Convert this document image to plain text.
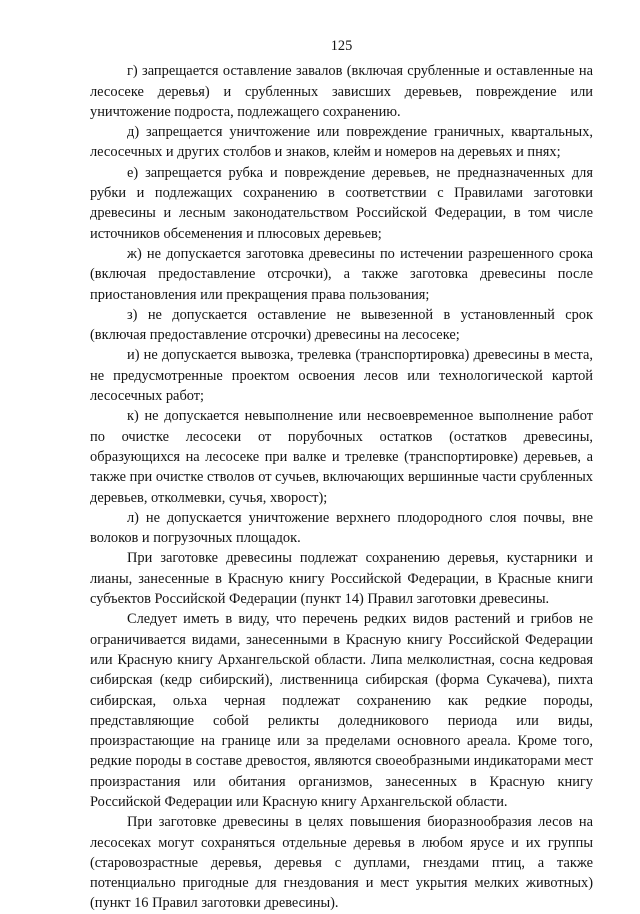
125

г) запрещается оставление завалов (включая срубленные и оставленные на лесосеке деревья) и срубленных зависших деревьев, повреждение или уничтожение подроста, подлежащего сохранению.

д) запрещается уничтожение или повреждение граничных, квартальных, лесосечных и других столбов и знаков, клейм и номеров на деревьях и пнях;

е) запрещается рубка и повреждение деревьев, не предназначенных для рубки и подлежащих сохранению в соответствии с Правилами заготовки древесины и лесным законодательством Российской Федерации, в том числе источников обсеменения и плюсовых деревьев;

ж) не допускается заготовка древесины по истечении разрешенного срока (включая предоставление отсрочки), а также заготовка древесины после приостановления или прекращения права пользования;

з) не допускается оставление не вывезенной в установленный срок (включая предоставление отсрочки) древесины на лесосеке;

и) не допускается вывозка, трелевка (транспортировка) древесины в места, не предусмотренные проектом освоения лесов или технологической картой лесосечных работ;

к) не допускается невыполнение или несвоевременное выполнение работ по очистке лесосеки от порубочных остатков (остатков древесины, образующихся на лесосеке при валке и трелевке (транспортировке) деревьев, а также при очистке стволов от сучьев, включающих вершинные части срубленных деревьев, отколмевки, сучья, хворост);

л) не допускается уничтожение верхнего плодородного слоя почвы, вне волоков и погрузочных площадок.

При заготовке древесины подлежат сохранению деревья, кустарники и лианы, занесенные в Красную книгу Российской Федерации, в Красные книги субъектов Российской Федерации (пункт 14) Правил заготовки древесины.

Следует иметь в виду, что перечень редких видов растений и грибов не ограничивается видами, занесенными в Красную книгу Российской Федерации или Красную книгу Архангельской области. Липа мелколистная, сосна кедровая сибирская (кедр сибирский), лиственница сибирская (форма Сукачева), пихта сибирская, ольха черная подлежат сохранению как редкие породы, представляющие собой реликты доледникового периода или виды, произрастающие на границе или за пределами основного ареала. Кроме того, редкие породы в составе древостоя, являются своеобразными индикаторами мест произрастания или обитания организмов, занесенных в Красную книгу Российской Федерации или Красную книгу Архангельской области.

При заготовке древесины в целях повышения биоразнообразия лесов на лесосеках могут сохраняться отдельные деревья в любом ярусе и их группы (старовозрастные деревья, деревья с дуплами, гнездами птиц, а также потенциально пригодные для гнездования и мест укрытия мелких животных) (пункт 16 Правил заготовки древесины).
